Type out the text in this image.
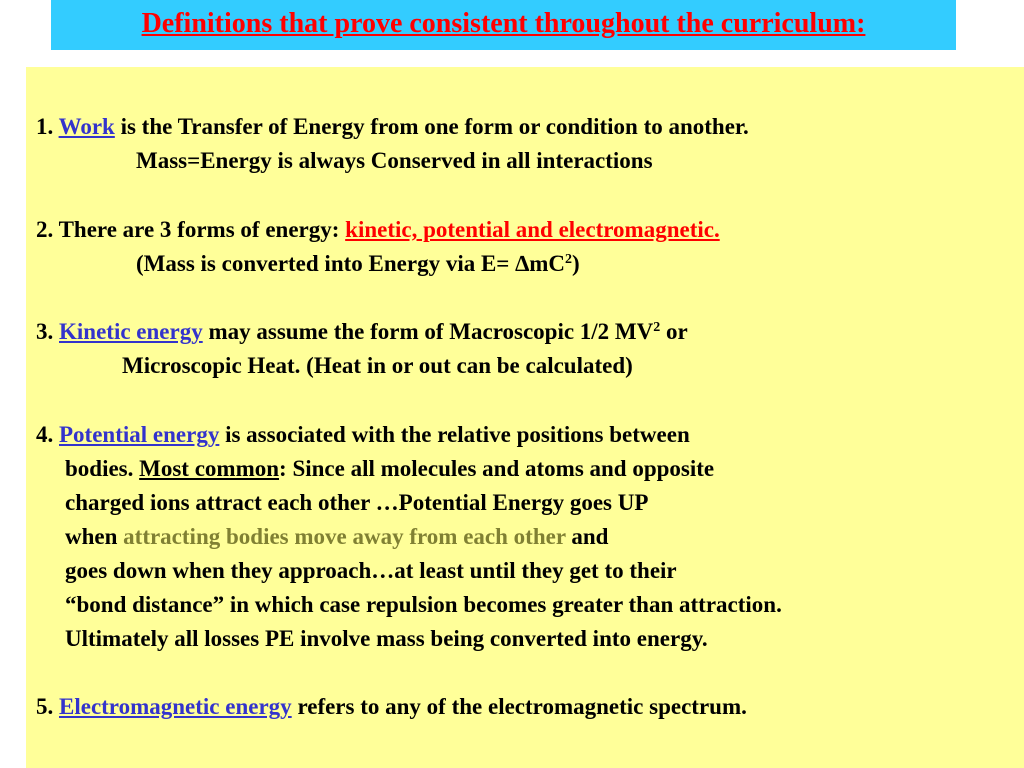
Definitions that prove consistent throughout the curriculum:
1. Work is the Transfer of Energy from one form or condition to another.
Mass=Energy is always Conserved in all interactions
2. There are 3 forms of energy: kinetic, potential and electromagnetic.
(Mass is converted into Energy via $E= \Delta mC^2$)
3. Kinetic energy may assume the form of Macroscopic 1/2 $MV^2$ or
Microscopic Heat. (Heat in or out can be calculated)
4. Potential energy is associated with the relative positions between
bodies. Most common: Since all molecules and atoms and opposite
charged ions attract each other …Potential Energy goes UP
when attracting bodies move away from each other and
goes down when they approach…at least until they get to their
“bond distance” in which case repulsion becomes greater than attraction.
Ultimately all losses PE involve mass being converted into energy.
5. Electromagnetic energy refers to any of the electromagnetic spectrum.
